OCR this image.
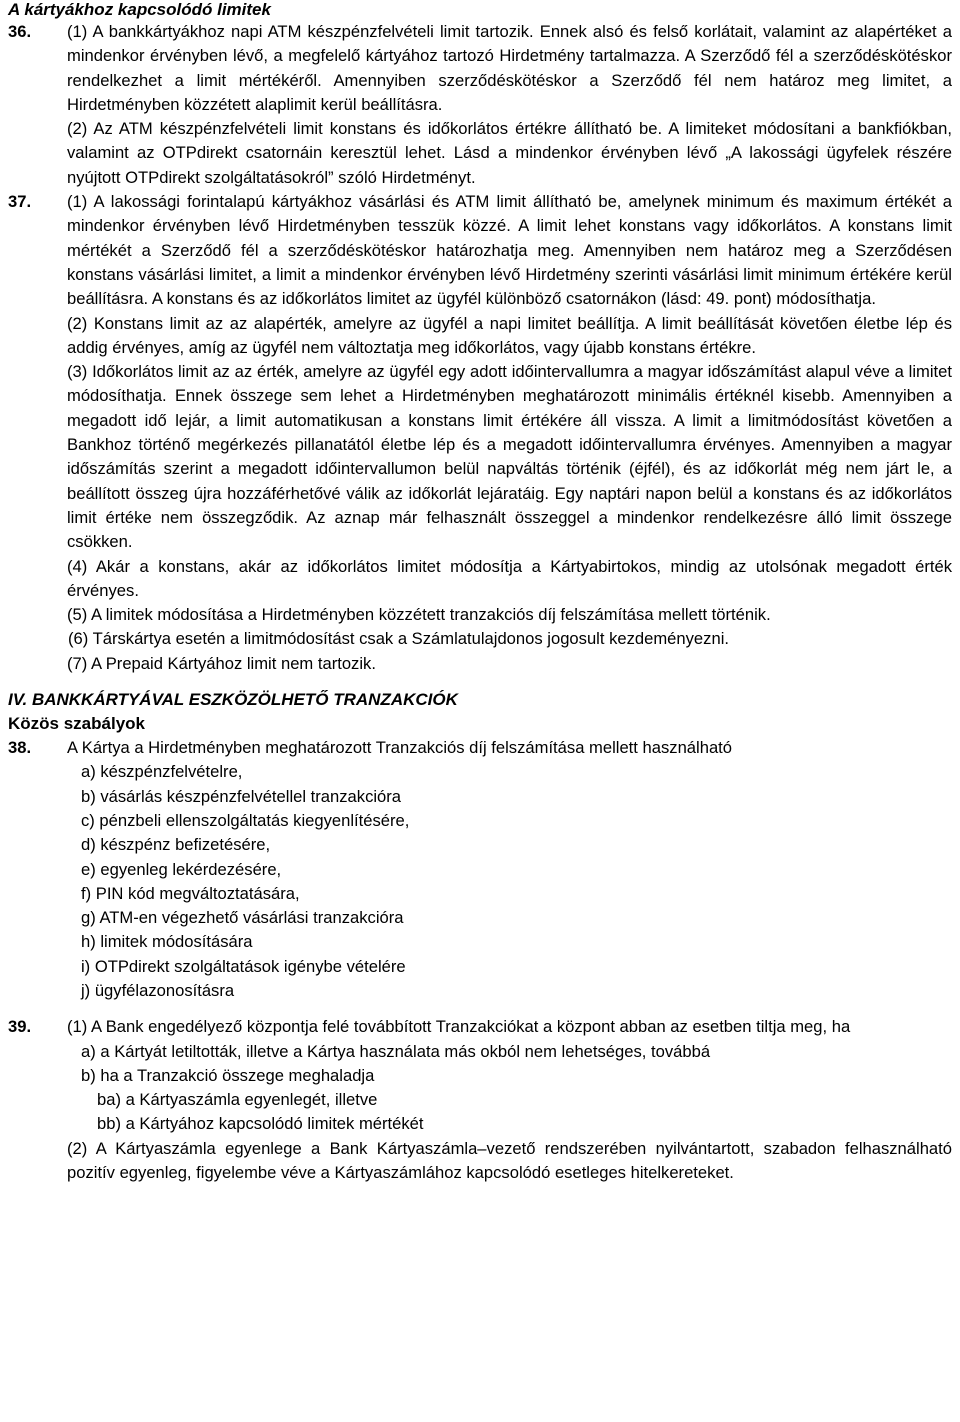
A kártyákhoz kapcsolódó limitek

36.	(1) A bankkártyákhoz napi ATM készpénzfelvételi limit tartozik. Ennek alsó és felső korlátait, valamint az alapértéket a mindenkor érvényben lévő, a megfelelő kártyához tartozó Hirdetmény tartalmazza. A Szerződő fél a szerződéskötéskor rendelkezhet a limit mértékéről. Amennyiben szerződéskötéskor a Szerződő fél nem határoz meg limitet, a Hirdetményben közzétett alaplimit kerül beállításra.

(2) Az ATM készpénzfelvételi limit konstans és időkorlátos értékre állítható be. A limiteket módosítani a bankfiókban, valamint az OTPdirekt csatornáin keresztül lehet. Lásd a mindenkor érvényben lévő „A lakossági ügyfelek részére nyújtott OTPdirekt szolgáltatásokról” szóló Hirdetményt.

37.	(1) A lakossági forintalapú kártyákhoz vásárlási és ATM limit állítható be, amelynek minimum és maximum értékét a mindenkor érvényben lévő Hirdetményben tesszük közzé. A limit lehet konstans vagy időkorlátos. A konstans limit mértékét a Szerződő fél a szerződéskötéskor határozhatja meg. Amennyiben nem határoz meg a Szerződésen konstans vásárlási limitet, a limit a mindenkor érvényben lévő Hirdetmény szerinti vásárlási limit minimum értékére kerül beállításra. A konstans és az időkorlátos limitet az ügyfél különböző csatornákon (lásd: 49. pont) módosíthatja.

(2) Konstans limit az az alapérték, amelyre az ügyfél a napi limitet beállítja. A limit beállítását követően életbe lép és addig érvényes, amíg az ügyfél nem változtatja meg időkorlátos, vagy újabb konstans értékre.

(3) Időkorlátos limit az az érték, amelyre az ügyfél egy adott időintervallumra a magyar időszámítást alapul véve a limitet módosíthatja. Ennek összege sem lehet a Hirdetményben meghatározott minimális értéknél kisebb. Amennyiben a megadott idő lejár, a limit automatikusan a konstans limit értékére áll vissza. A limit a limitmódosítást követően a Bankhoz történő megérkezés pillanatától életbe lép és a megadott időintervallumra érvényes. Amennyiben a magyar időszámítás szerint a megadott időintervallumon belül napváltás történik (éjfél), és az időkorlát még nem járt le, a beállított összeg újra hozzáférhetővé válik az időkorlát lejáratáig. Egy naptári napon belül a konstans és az időkorlátos limit értéke nem összegződik. Az aznap már felhasznált összeggel a mindenkor rendelkezésre álló limit összege csökken.

(4) Akár a konstans, akár az időkorlátos limitet módosítja a Kártyabirtokos, mindig az utolsónak megadott érték érvényes.

(5) A limitek módosítása a Hirdetményben közzétett tranzakciós díj felszámítása mellett történik.

(6) Társkártya esetén a limitmódosítást csak a Számlatulajdonos jogosult kezdeményezni.

(7) A Prepaid Kártyához limit nem tartozik.

IV. BANKKÁRTYÁVAL ESZKÖZÖLHETŐ TRANZAKCIÓK

Közös szabályok

38.	A Kártya a Hirdetményben meghatározott Tranzakciós díj felszámítása mellett használható

a) készpénzfelvételre,
b) vásárlás készpénzfelvétellel tranzakcióra
c) pénzbeli ellenszolgáltatás kiegyenlítésére,
d) készpénz befizetésére,
e) egyenleg lekérdezésére,
f) PIN kód megváltoztatására,
g) ATM-en végezhető vásárlási tranzakcióra
h) limitek módosítására
i) OTPdirekt szolgáltatások igénybe vételére
j) ügyfélazonosításra
39.	(1) A Bank engedélyező központja felé továbbított Tranzakciókat a központ abban az esetben tiltja meg, ha

a) a Kártyát letiltották, illetve a Kártya használata más okból nem lehetséges, továbbá
b) ha a Tranzakció összege meghaladja
ba) a Kártyaszámla egyenlegét, illetve
bb) a Kártyához kapcsolódó limitek mértékét

(2) A Kártyaszámla egyenlege a Bank Kártyaszámla–vezető rendszerében nyilvántartott, szabadon felhasználható pozitív egyenleg, figyelembe véve a Kártyaszámlához kapcsolódó esetleges hitelkereteket.
